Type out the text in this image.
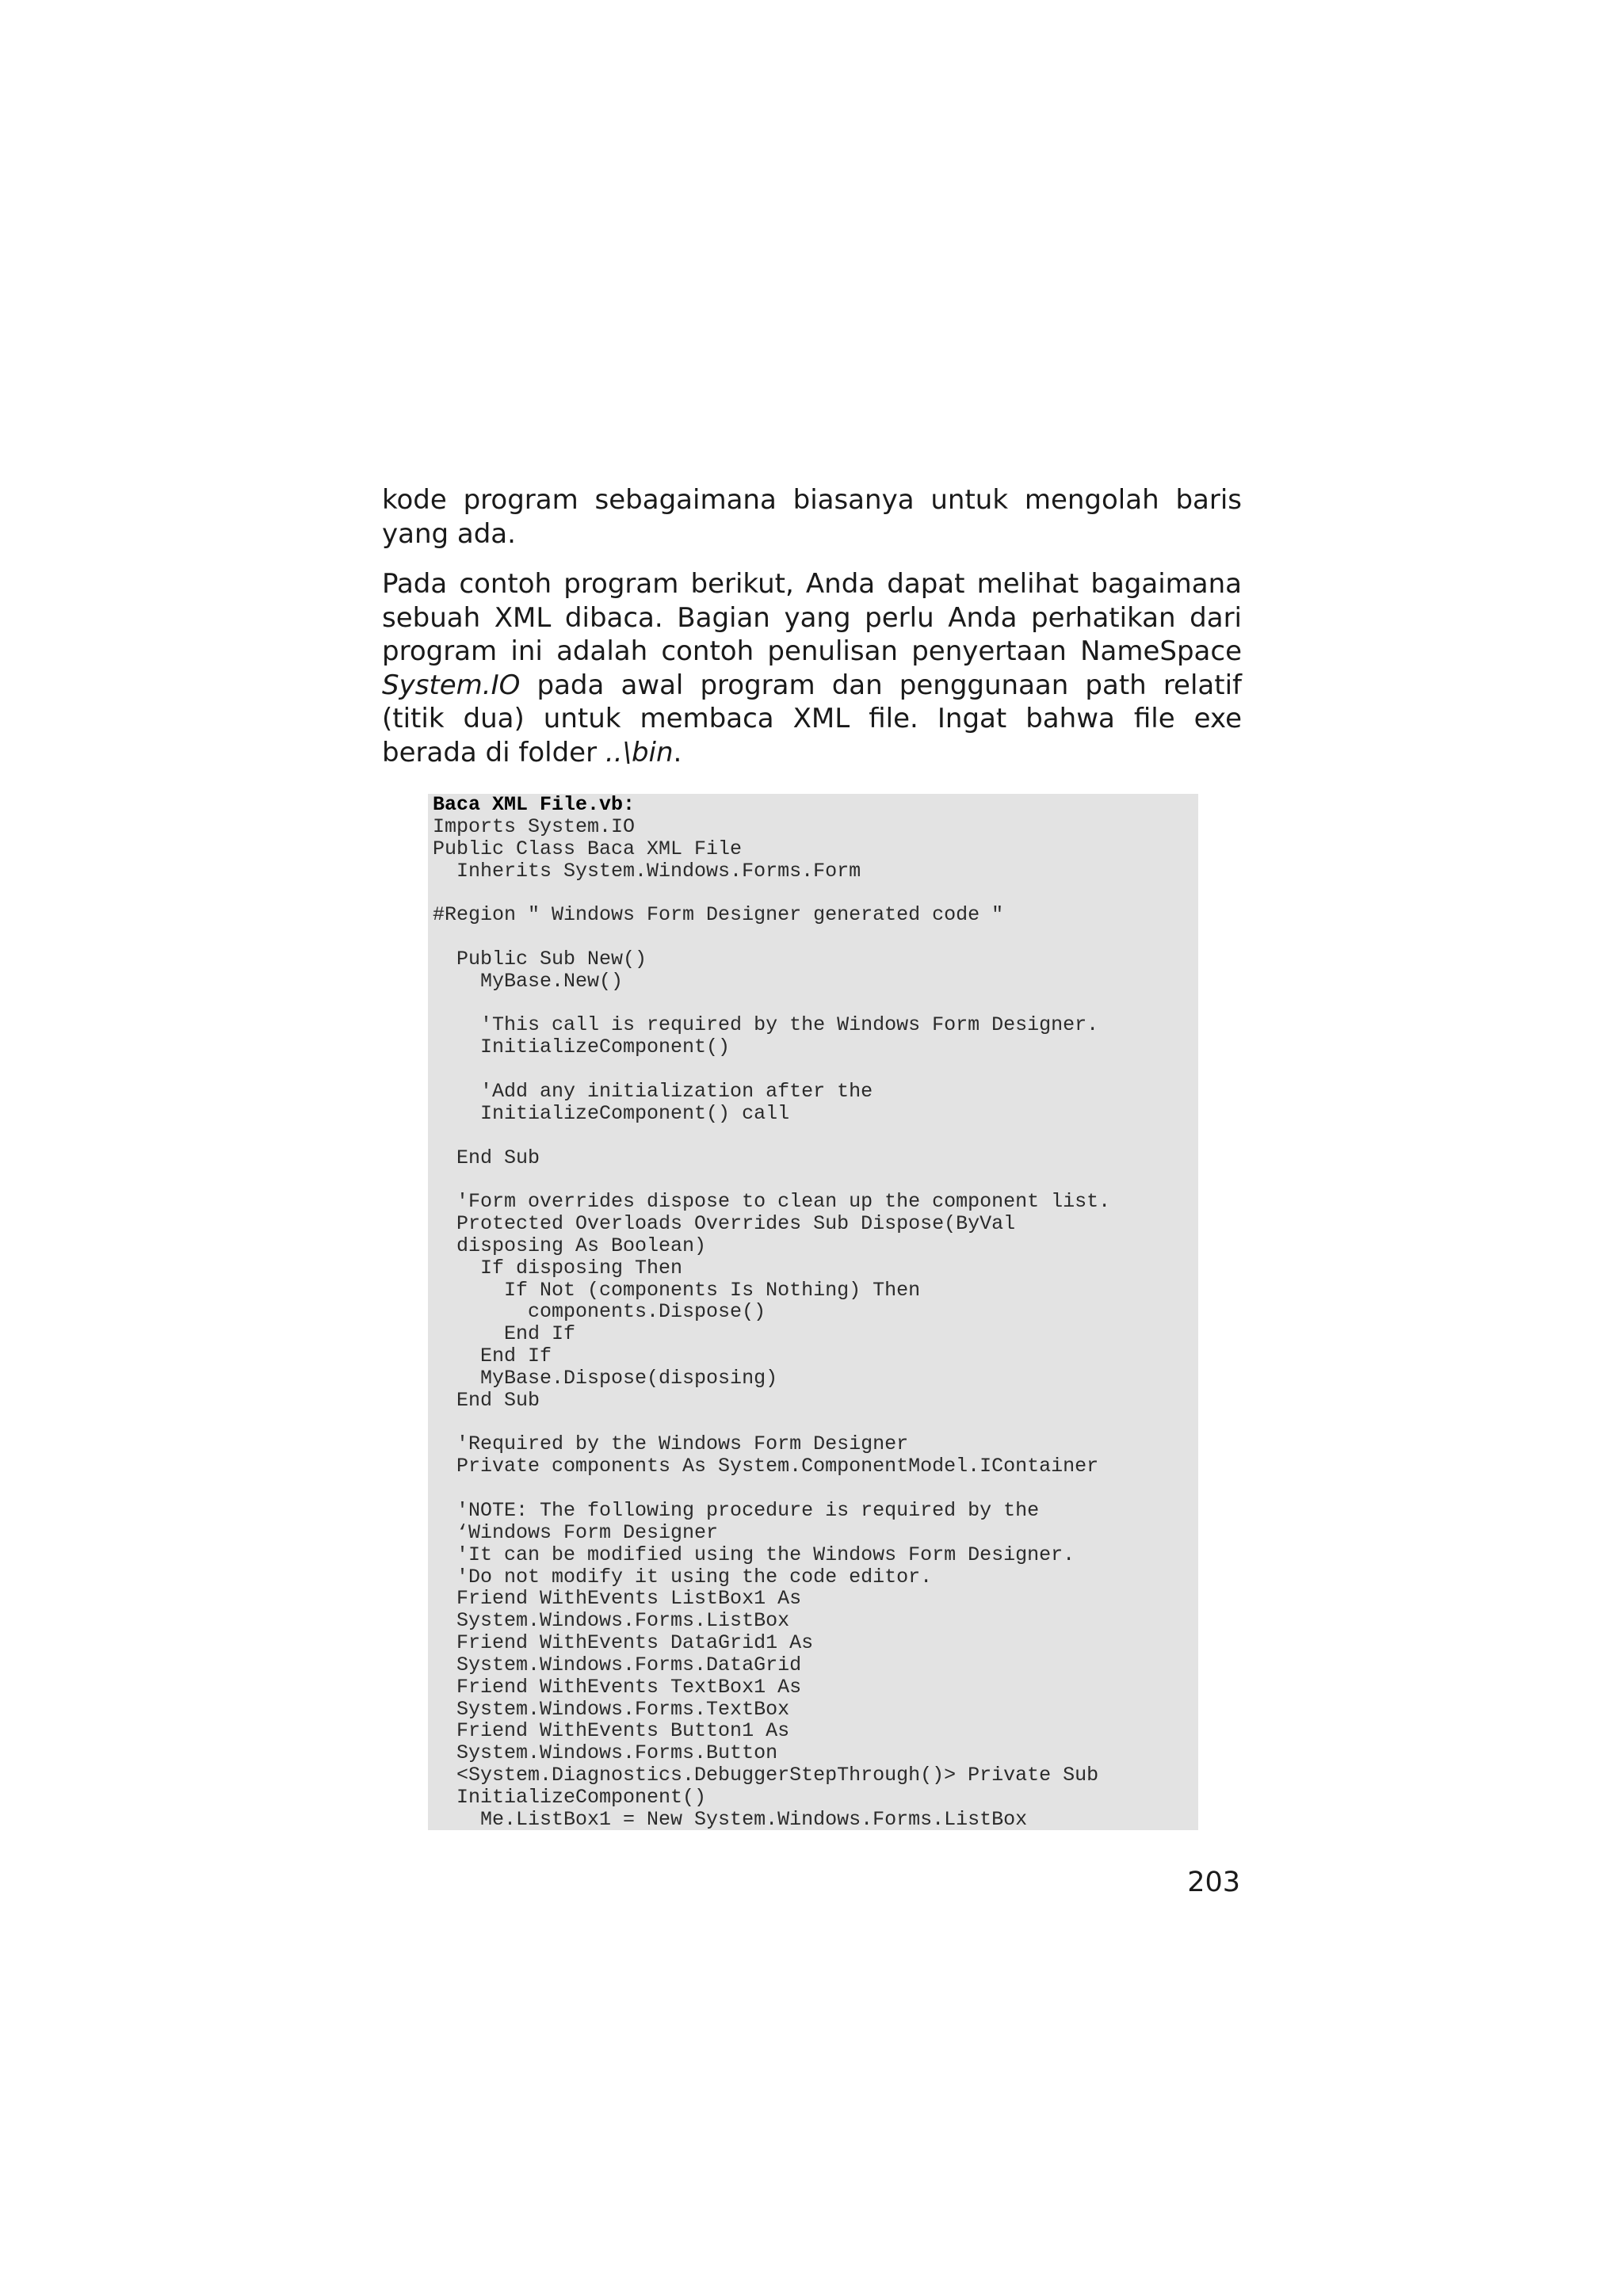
kode program sebagaimana biasanya untuk mengolah baris yang ada.

Pada contoh program berikut, Anda dapat melihat bagaimana sebuah XML dibaca. Bagian yang perlu Anda perhatikan dari program ini adalah contoh penulisan penyertaan NameSpace System.IO pada awal program dan penggunaan path relatif (titik dua) untuk membaca XML file. Ingat bahwa file exe berada di folder ..\bin.

Baca XML File.vb:
Imports System.IO
Public Class Baca XML File
Inherits System.Windows.Forms.Form
#Region " Windows Form Designer generated code "
Public Sub New()
MyBase.New()
'This call is required by the Windows Form Designer.
InitializeComponent()
'Add any initialization after the
InitializeComponent() call
End Sub
'Form overrides dispose to clean up the component list.
Protected Overloads Overrides Sub Dispose(ByVal
disposing As Boolean)
If disposing Then
If Not (components Is Nothing) Then
components.Dispose()
End If
End If
MyBase.Dispose(disposing)
End Sub
'Required by the Windows Form Designer
Private components As System.ComponentModel.IContainer
'NOTE: The following procedure is required by the
‘Windows Form Designer
'It can be modified using the Windows Form Designer.
'Do not modify it using the code editor.
Friend WithEvents ListBox1 As
System.Windows.Forms.ListBox
Friend WithEvents DataGrid1 As
System.Windows.Forms.DataGrid
Friend WithEvents TextBox1 As
System.Windows.Forms.TextBox
Friend WithEvents Button1 As
System.Windows.Forms.Button
<System.Diagnostics.DebuggerStepThrough()> Private Sub
InitializeComponent()
Me.ListBox1 = New System.Windows.Forms.ListBox
203
